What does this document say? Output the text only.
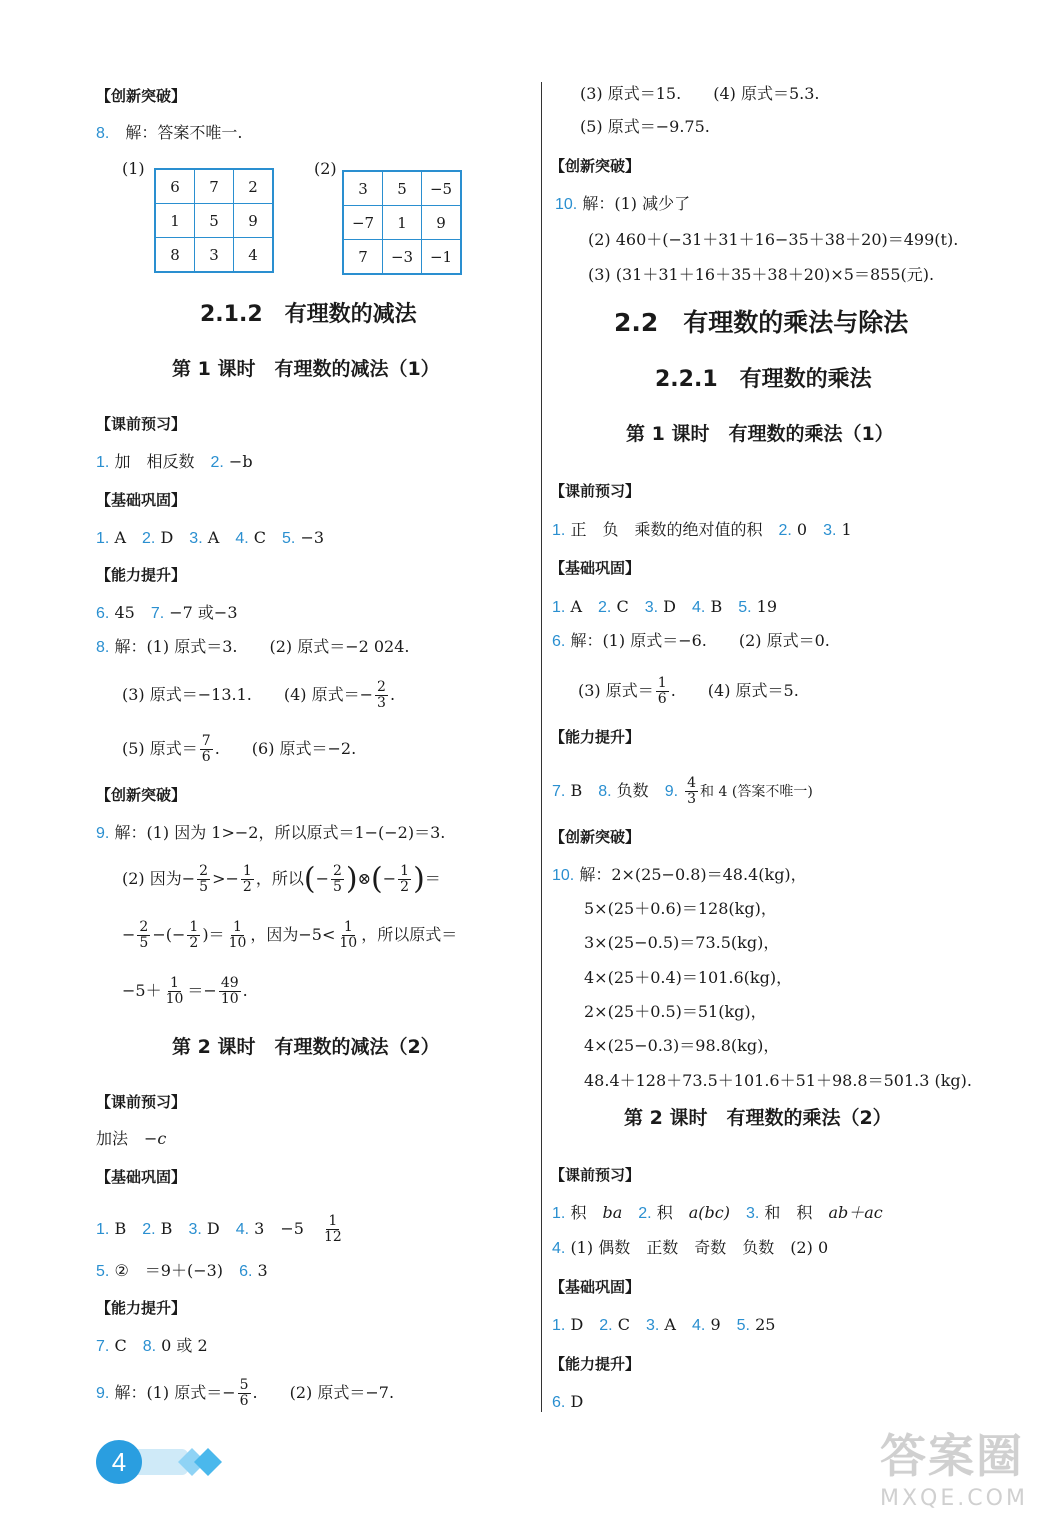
【创新突破】
8.　 解：答案不唯一.
(1)
6	7	2
1	5	9
8	3	4
(2)
3	5	−5
−7	1	9
7	−3	−1
2.1.2　有理数的减法
第 1 课时　有理数的减法（1）
【课前预习】
1. 加　相反数　 2. −b
【基础巩固】
1. A　 2. D　 3. A　 4. C　 5. −3
【能力提升】
6. 45　 7. −7 或−3
8. 解：(1) 原式＝3.　　(2) 原式＝−2 024.
(3) 原式＝−13.1.　　(4) 原式＝− $\frac{2}{3}$ .
(5) 原式＝ $\frac{7}{6}$ .　　(6) 原式＝−2.
【创新突破】
9. 解：(1) 因为 1>−2，所以原式＝1−(−2)＝3.
(2) 因为− $\frac{2}{5} >- \frac{1}{2}$ ，所以(− $\frac{2}{5}$ )⊗(− $\frac{1}{2}$ )＝
− $\frac{2}{5}$ −(− $\frac{1}{2}$ )＝ $\frac{1}{10}$ ，因为$-5< \frac{1}{10}$ ，所以原式＝
$-5+ \frac{1}{10} =- \frac{49}{10}$ .
第 2 课时　有理数的减法（2）
【课前预习】
加法　−c
【基础巩固】
1. B　 2. B　 3. D　 4. 3　−5　 $\frac{1}{12}$
5. ②　＝9＋(−3)　 6. 3
【能力提升】
7. C　 8. 0 或 2
9. 解：(1) 原式＝− $\frac{5}{6}$ .　　(2) 原式＝−7.
(3) 原式＝15.　　(4) 原式＝5.3.
(5) 原式＝−9.75.
【创新突破】
10. 解：(1) 减少了
(2) 460＋(−31＋31＋16−35＋38＋20)＝499(t).
(3) (31＋31＋16＋35＋38＋20)×5＝855(元).
2.2　有理数的乘法与除法
2.2.1　有理数的乘法
第 1 课时　有理数的乘法（1）
【课前预习】
1. 正　负　乘数的绝对值的积　 2. 0　 3. 1
【基础巩固】
1. A　 2. C　 3. D　 4. B　 5. 19
6. 解：(1) 原式＝−6.　　(2) 原式＝0.
(3) 原式＝ $\frac{1}{6}$ .　　(4) 原式＝5.
【能力提升】
7. B　 8. 负数　 9. $\frac{4}{3}$ 和 4 (答案不唯一)
【创新突破】
10. 解：2×(25−0.8)＝48.4(kg)，
5×(25＋0.6)＝128(kg)，
3×(25−0.5)＝73.5(kg)，
4×(25＋0.4)＝101.6(kg)，
2×(25＋0.5)＝51(kg)，
4×(25−0.3)＝98.8(kg)，
48.4＋128＋73.5＋101.6＋51＋98.8＝501.3 (kg).
第 2 课时　有理数的乘法（2）
【课前预习】
1. 积　 ba　 2. 积　 a(bc)　 3. 和　积　 ab＋ac
4. (1) 偶数　正数　奇数　负数　(2) 0
【基础巩固】
1. D　 2. C　 3. A　 4. 9　 5. 25
【能力提升】
6. D
4	答案圈
MXQE.COM
